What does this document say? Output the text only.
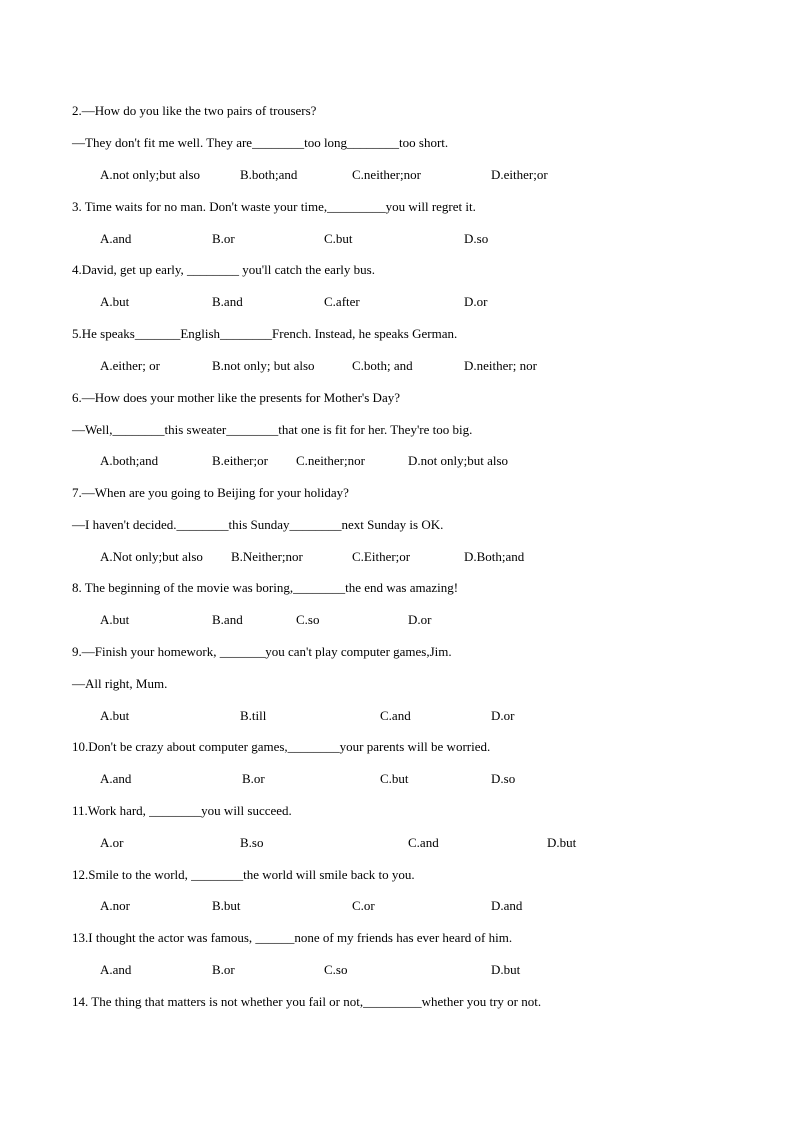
2.—How do you like the two pairs of trousers?
—They don't fit me well. They are________too long________too short.
A.not only;but also	B.both;and	C.neither;nor	D.either;or
3. Time waits for no man. Don't waste your time,_________you will regret it.
A.and	B.or	C.but	D.so
4.David, get up early, ________ you'll catch the early bus.
A.but	B.and	C.after	D.or
5.He speaks_______English________French. Instead, he speaks German.
A.either; or	B.not only; but also	C.both; and	D.neither; nor
6.—How does your mother like the presents for Mother's Day?
—Well,________this sweater________that one is fit for her. They're too big.
A.both;and	B.either;or C.neither;nor	D.not only;but also
7.—When are you going to Beijing for your holiday?
—I haven't decided.________this Sunday________next Sunday is OK.
A.Not only;but also B.Neither;nor	C.Either;or	D.Both;and
8. The beginning of the movie was boring,________the end was amazing!
A.but	B.and	C.so	D.or
9.—Finish your homework, _______you can't play computer games,Jim.
—All right, Mum.
A.but	B.till	C.and	D.or
10.Don't be crazy about computer games,________your parents will be worried.
A.and	B.or	C.but	D.so
11.Work hard, ________you will succeed.
A.or	B.so	C.and	D.but
12.Smile to the world, ________the world will smile back to you.
A.nor	B.but	C.or	D.and
13.I thought the actor was famous, ______none of my friends has ever heard of him.
A.and	B.or	C.so	D.but
14. The thing that matters is not whether you fail or not,_________whether you try or not.
